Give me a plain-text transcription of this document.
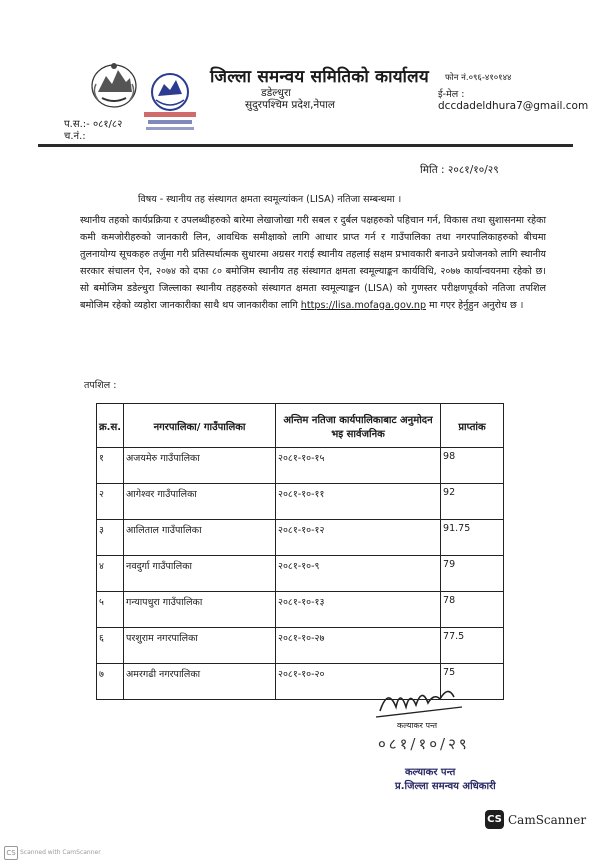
जिल्ला समन्वय समितिको कार्यालय
डडेल्धुरा
सुदुरपश्चिम प्रदेश,नेपाल
फोन नं.०९६-४१०१४४
ई-मेल : dccdadeldhura7@gmail.com
प.स.:- ०८१/८२
च.नं.:
मिति : २०८१/१०/२९
विषय - स्थानीय तह संस्थागत क्षमता स्वमूल्यांकन (LISA) नतिजा सम्बन्धमा ।
स्थानीय तहको कार्यप्रक्रिया र उपलब्धीहरुको बारेमा लेखाजोखा गरी सबल र दुर्बल पक्षहरुको पहिचान गर्न, विकास तथा सुशासनमा रहेका कमी कमजोरीहरुको जानकारी लिन, आवधिक समीक्षाको लागि आधार प्राप्त गर्न र गाउँपालिका तथा नगरपालिकाहरुको बीचमा तुलनायोग्य सूचकहरु तर्जुमा गरी प्रतिस्पर्धात्मक सुधारमा अग्रसर गराई स्थानीय तहलाई सक्षम प्रभावकारी बनाउने प्रयोजनको लागि स्थानीय सरकार संचालन ऐन, २०७४ को दफा ८० बमोजिम स्थानीय तह संस्थागत क्षमता स्वमूल्याङ्कन कार्यविधि, २०७७ कार्यान्वयनमा रहेको छ। सो बमोजिम डडेल्धुरा जिल्लाका स्थानीय तहहरुको संस्थागत क्षमता स्वमूल्याङ्कन (LISA) को गुणस्तर परीक्षणपूर्वको नतिजा तपशिल बमोजिम रहेको व्यहोरा जानकारीका साथै थप जानकारीका लागि https://lisa.mofaga.gov.np मा गएर हेर्नुहुन अनुरोध छ ।
तपशिल :
क्र.स.	नगरपालिका/ गाउँपालिका	अन्तिम नतिजा कार्यपालिकाबाट अनुमोदन भइ सार्वजनिक	प्राप्तांक
१	अजयमेरु गाउँपालिका	२०८१-१०-१५	98
२	आगेश्वर गाउँपालिका	२०८१-१०-११	92
३	आलिताल गाउँपालिका	२०८१-१०-१२	91.75
४	नवदुर्गा गाउँपालिका	२०८१-१०-९	79
५	गन्यापधुरा गाउँपालिका	२०८१-१०-१३	78
६	परशुराम नगरपालिका	२०८१-१०-२७	77.5
७	अमरगढी नगरपालिका	२०८१-१०-२०	75
कल्याकर पन्त
०८१/१०/२९
कल्याकर पन्त
प्र.जिल्ला समन्वय अधिकारी
CS CamScanner
CS Scanned with CamScanner
